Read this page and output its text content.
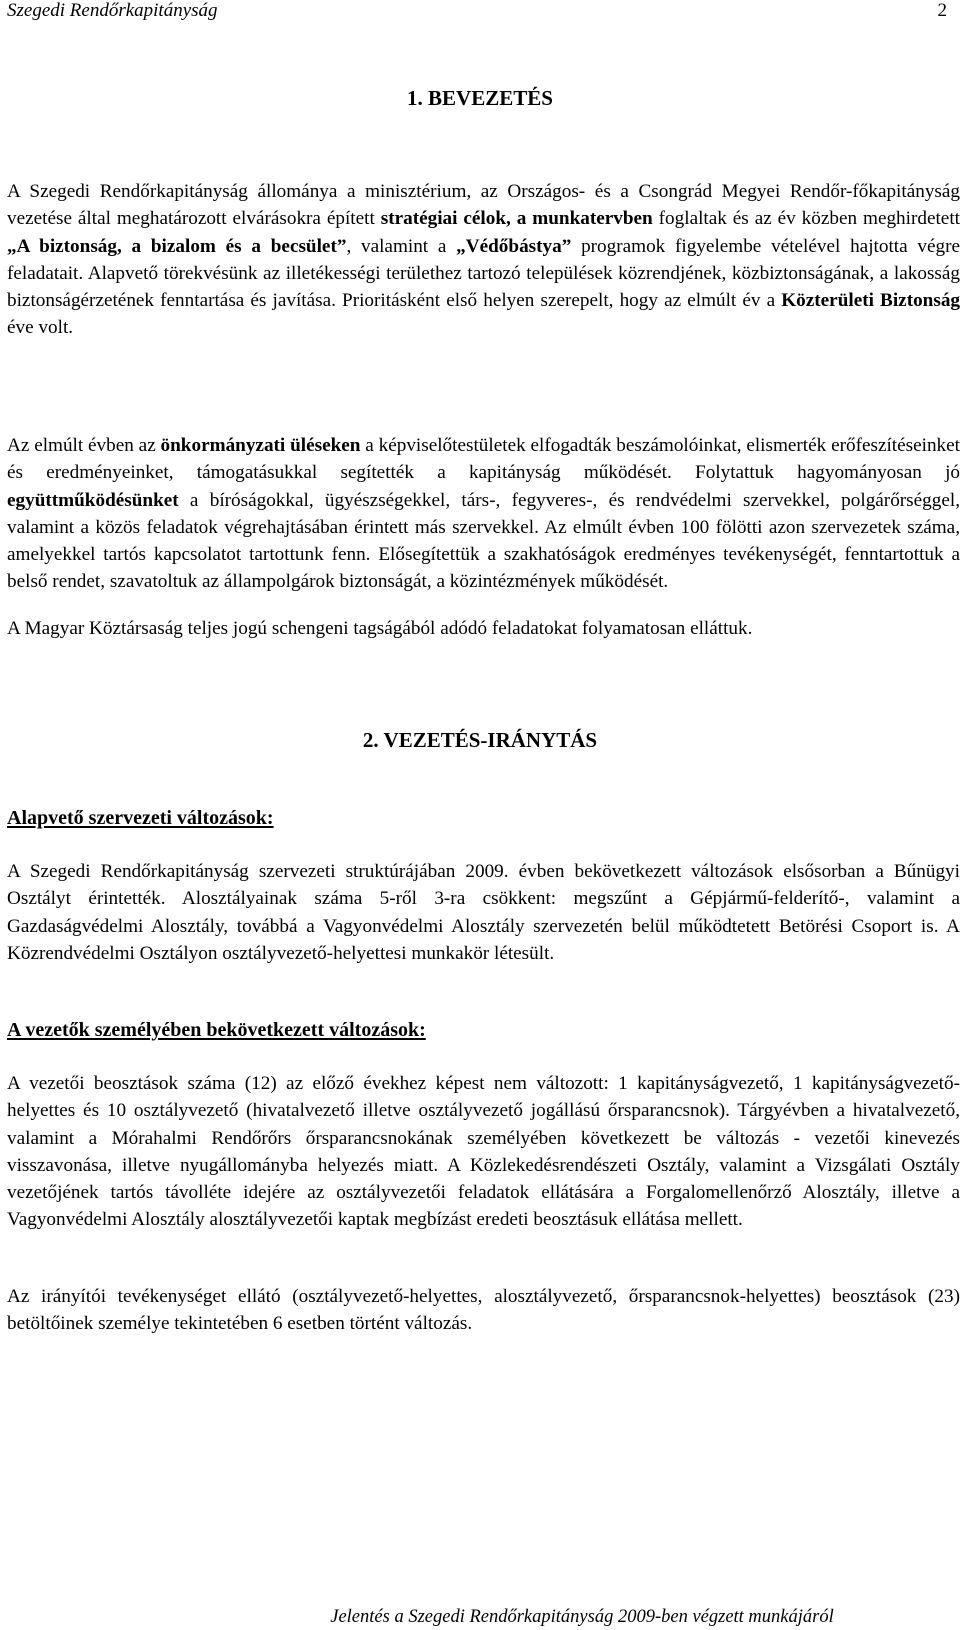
Szegedi Rendőrkapitányság	2
1. BEVEZETÉS

A Szegedi Rendőrkapitányság állománya a minisztérium, az Országos- és a Csongrád Megyei Rendőr-főkapitányság vezetése által meghatározott elvárásokra épített stratégiai célok, a munkatervben foglaltak és az év közben meghirdetett „A biztonság, a bizalom és a becsület”, valamint a „Védőbástya” programok figyelembe vételével hajtotta végre feladatait. Alapvető törekvésünk az illetékességi területhez tartozó települések közrendjének, közbiztonságának, a lakosság biztonságérzetének fenntartása és javítása. Prioritásként első helyen szerepelt, hogy az elmúlt év a Közterületi Biztonság éve volt.

Az elmúlt évben az önkormányzati üléseken a képviselőtestületek elfogadták beszámolóinkat, elismerték erőfeszítéseinket és eredményeinket, támogatásukkal segítették a kapitányság működését. Folytattuk hagyományosan jó együttműködésünket a bíróságokkal, ügyészségekkel, társ-, fegyveres-, és rendvédelmi szervekkel, polgárőrséggel, valamint a közös feladatok végrehajtásában érintett más szervekkel. Az elmúlt évben 100 fölötti azon szervezetek száma, amelyekkel tartós kapcsolatot tartottunk fenn. Elősegítettük a szakhatóságok eredményes tevékenységét, fenntartottuk a belső rendet, szavatoltuk az állampolgárok biztonságát, a közintézmények működését.

A Magyar Köztársaság teljes jogú schengeni tagságából adódó feladatokat folyamatosan elláttuk.

2. VEZETÉS-IRÁNYTÁS
Alapvető szervezeti változások:

A Szegedi Rendőrkapitányság szervezeti struktúrájában 2009. évben bekövetkezett változások elsősorban a Bűnügyi Osztályt érintették. Alosztályainak száma 5-ről 3-ra csökkent: megszűnt a Gépjármű-felderítő-, valamint a Gazdaságvédelmi Alosztály, továbbá a Vagyonvédelmi Alosztály szervezetén belül működtetett Betörési Csoport is. A Közrendvédelmi Osztályon osztályvezető-helyettesi munkakör létesült.

A vezetők személyében bekövetkezett változások:

A vezetői beosztások száma (12) az előző évekhez képest nem változott: 1 kapitányságvezető, 1 kapitányságvezető-helyettes és 10 osztályvezető (hivatalvezető illetve osztályvezető jogállású őrsparancsnok). Tárgyévben a hivatalvezető, valamint a Mórahalmi Rendőrőrs őrsparancsnokának személyében következett be változás - vezetői kinevezés visszavonása, illetve nyugállományba helyezés miatt. A Közlekedésrendészeti Osztály, valamint a Vizsgálati Osztály vezetőjének tartós távolléte idejére az osztályvezetői feladatok ellátására a Forgalomellenőrző Alosztály, illetve a Vagyonvédelmi Alosztály alosztályvezetői kaptak megbízást eredeti beosztásuk ellátása mellett.

Az irányítói tevékenységet ellátó (osztályvezető-helyettes, alosztályvezető, őrsparancsnok-helyettes) beosztások (23) betöltőinek személye tekintetében 6 esetben történt változás.

Jelentés a Szegedi Rendőrkapitányság 2009-ben végzett munkájáról
